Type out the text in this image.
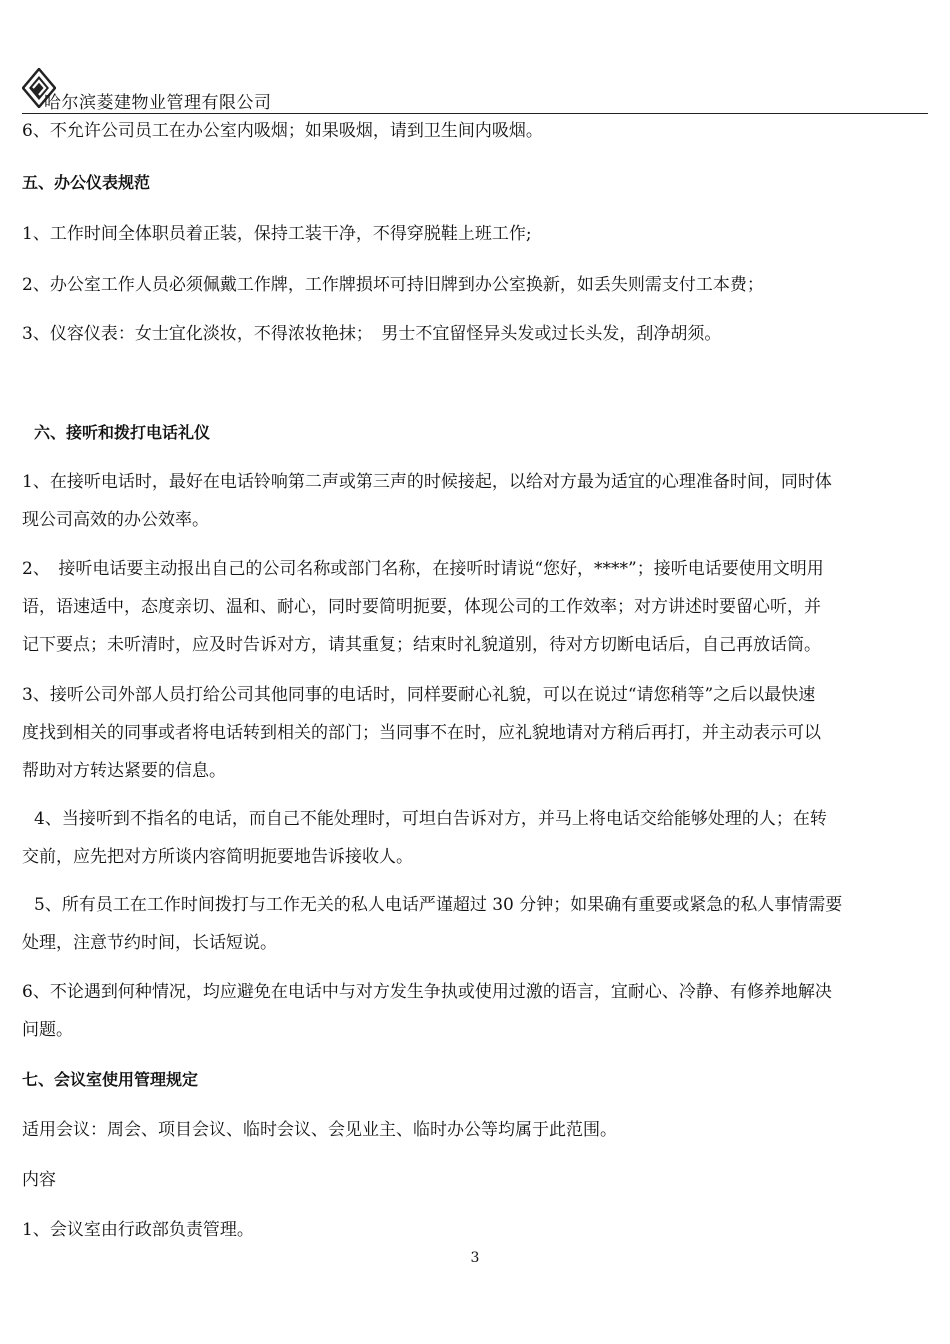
哈尔滨菱建物业管理有限公司
6、不允许公司员工在办公室内吸烟；如果吸烟，请到卫生间内吸烟。
五、办公仪表规范
1、工作时间全体职员着正装，保持工装干净，不得穿脱鞋上班工作;
2、办公室工作人员必须佩戴工作牌，工作牌损坏可持旧牌到办公室换新，如丢失则需支付工本费；
3、仪容仪表：女士宜化淡妆，不得浓妆艳抹；　男士不宜留怪异头发或过长头发，刮净胡须。
六、接听和拨打电话礼仪
1、在接听电话时，最好在电话铃响第二声或第三声的时候接起，以给对方最为适宜的心理准备时间，同时体
现公司高效的办公效率。
2、　接听电话要主动报出自己的公司名称或部门名称，在接听时请说“您好，****”；接听电话要使用文明用
语，语速适中，态度亲切、温和、耐心，同时要简明扼要，体现公司的工作效率；对方讲述时要留心听，并
记下要点；未听清时，应及时告诉对方，请其重复；结束时礼貌道别，待对方切断电话后，自己再放话筒。
3、接听公司外部人员打给公司其他同事的电话时，同样要耐心礼貌，可以在说过“请您稍等”之后以最快速
度找到相关的同事或者将电话转到相关的部门；当同事不在时，应礼貌地请对方稍后再打，并主动表示可以
帮助对方转达紧要的信息。
4、当接听到不指名的电话，而自己不能处理时，可坦白告诉对方，并马上将电话交给能够处理的人；在转
交前，应先把对方所谈内容简明扼要地告诉接收人。
5、所有员工在工作时间拨打与工作无关的私人电话严谨超过 30 分钟；如果确有重要或紧急的私人事情需要
处理，注意节约时间，长话短说。
6、不论遇到何种情况，均应避免在电话中与对方发生争执或使用过激的语言，宜耐心、冷静、有修养地解决
问题。
七、会议室使用管理规定
适用会议：周会、项目会议、临时会议、会见业主、临时办公等均属于此范围。
内容
1、会议室由行政部负责管理。
3
